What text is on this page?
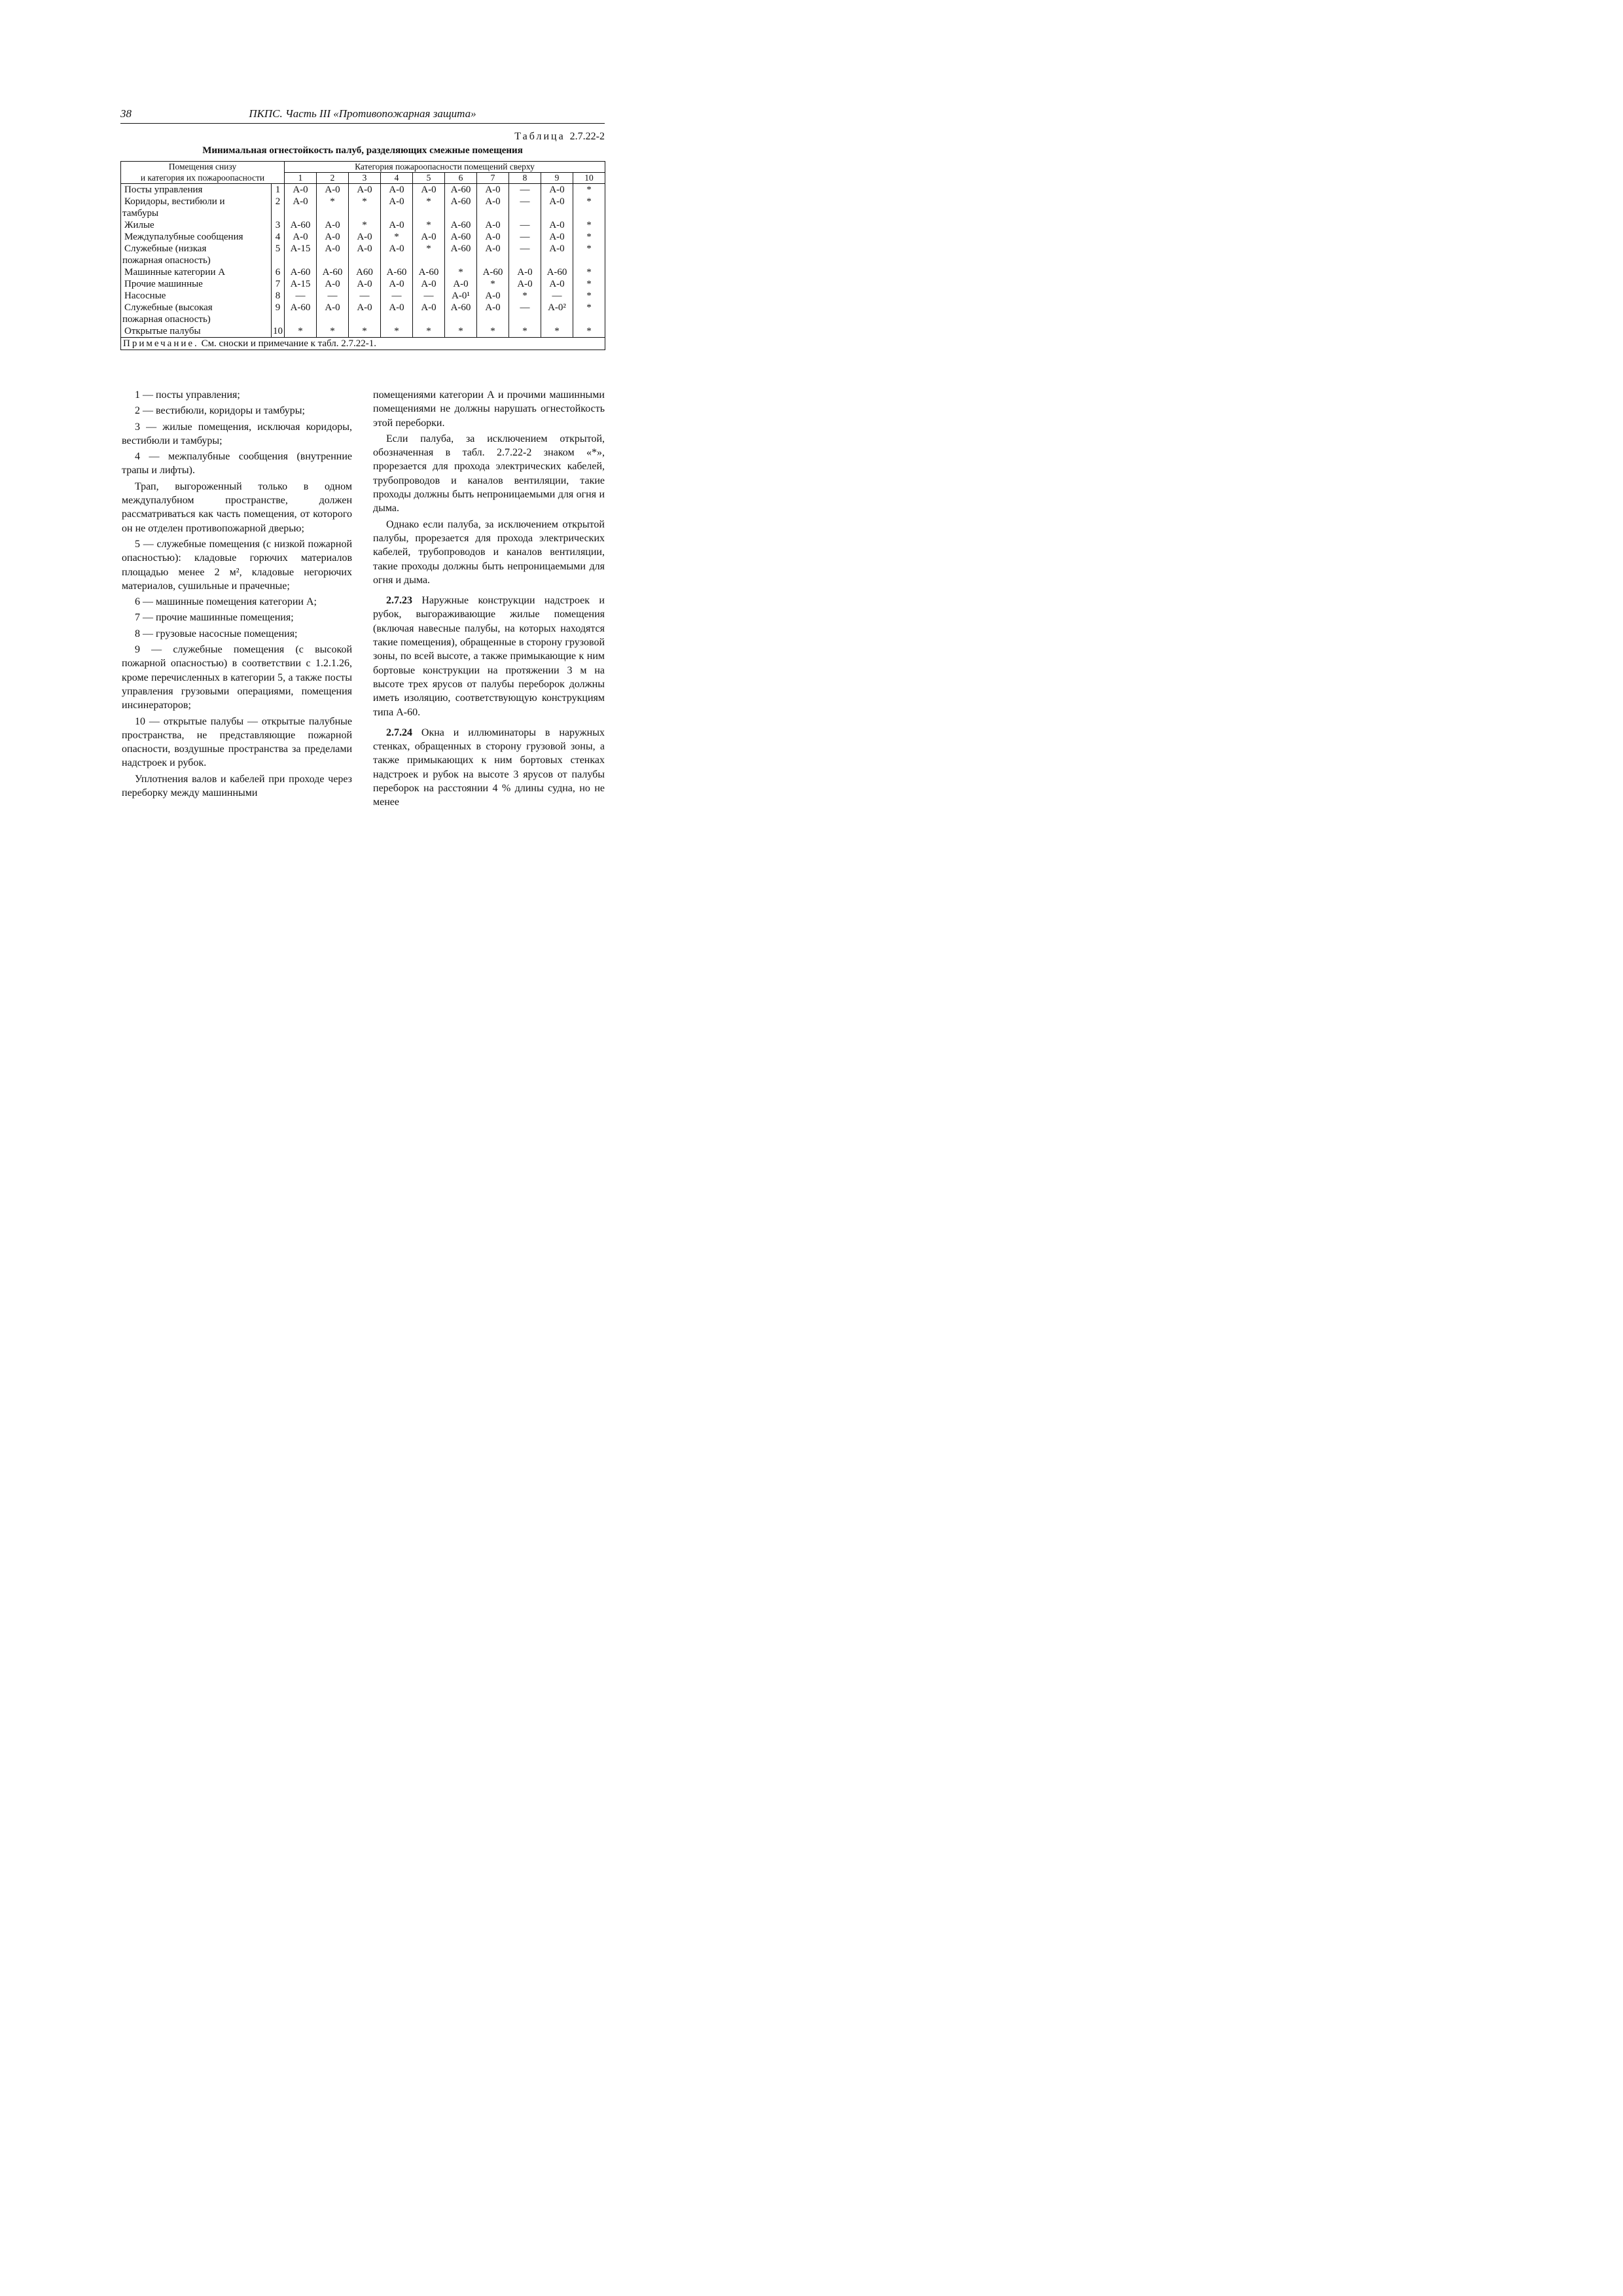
38	ПКПС. Часть III «Противопожарная защита»
Таблица 2.7.22-2
Минимальная огнестойкость палуб, разделяющих смежные помещения
Помещения снизу		Категория пожароопасности помещений сверху									
и категория их пожароопасности		1	2	3	4	5	6	7	8	9	10

Посты управления	1	А-0	А-0	А-0	А-0	А-0	А-60	А-0	—	А-0	*

Коридоры, вестибюли и
тамбуры	2	А-0	*	*	А-0	*	А-60	А-0	—	А-0	*

Жилые	3	А-60	А-0	*	А-0	*	А-60	А-0	—	А-0	*

Междупалубные сообщения	4	А-0	А-0	А-0	*	А-0	А-60	А-0	—	А-0	*

Служебные (низкая
пожарная опасность)	5	А-15	А-0	А-0	А-0	*	А-60	А-0	—	А-0	*

Машинные категории А	6	А-60	А-60	А60	А-60	А-60	*	А-60	А-0	А-60	*

Прочие машинные	7	А-15	А-0	А-0	А-0	А-0	А-0	*	А-0	А-0	*

Насосные	8	—	—	—	—	—	А-0¹	А-0	*	—	*

Служебные (высокая
пожарная опасность)	9	А-60	А-0	А-0	А-0	А-0	А-60	А-0	—	А-0²	*

Открытые палубы	10	*	*	*	*	*	*	*	*	*	*
Примечание. См. сноски и примечание к табл. 2.7.22-1.											

1 — посты управления;

2 — вестибюли, коридоры и тамбуры;

3 — жилые помещения, исключая коридоры, вестибюли и тамбуры;

4 — межпалубные сообщения (внутренние трапы и лифты).

Трап, выгороженный только в одном междупалубном пространстве, должен рассматриваться как часть помещения, от которого он не отделен противопожарной дверью;

5 — служебные помещения (с низкой пожарной опасностью): кладовые горючих материалов площадью менее 2 м², кладовые негорючих материалов, сушильные и прачечные;

6 — машинные помещения категории А;

7 — прочие машинные помещения;

8 — грузовые насосные помещения;

9 — служебные помещения (с высокой пожарной опасностью) в соответствии с 1.2.1.26, кроме перечисленных в категории 5, а также посты управления грузовыми операциями, помещения инсинераторов;

10 — открытые палубы — открытые палубные пространства, не представляющие пожарной опасности, воздушные пространства за пределами надстроек и рубок.

Уплотнения валов и кабелей при проходе через переборку между машинными

помещениями категории А и прочими машинными помещениями не должны нарушать огнестойкость этой переборки.

Если палуба, за исключением открытой, обозначенная в табл. 2.7.22-2 знаком «*», прорезается для прохода электрических кабелей, трубопроводов и каналов вентиляции, такие проходы должны быть непроницаемыми для огня и дыма.

Однако если палуба, за исключением открытой палубы, прорезается для прохода электрических кабелей, трубопроводов и каналов вентиляции, такие проходы должны быть непроницаемыми для огня и дыма.

2.7.23 Наружные конструкции надстроек и рубок, выгораживающие жилые помещения (включая навесные палубы, на которых находятся такие помещения), обращенные в сторону грузовой зоны, по всей высоте, а также примыкающие к ним бортовые конструкции на протяжении 3 м на высоте трех ярусов от палубы переборок должны иметь изоляцию, соответствующую конструкциям типа А-60.

2.7.24 Окна и иллюминаторы в наружных стенках, обращенных в сторону грузовой зоны, а также примыкающих к ним бортовых стенках надстроек и рубок на высоте 3 ярусов от палубы переборок на расстоянии 4 % длины судна, но не менее
